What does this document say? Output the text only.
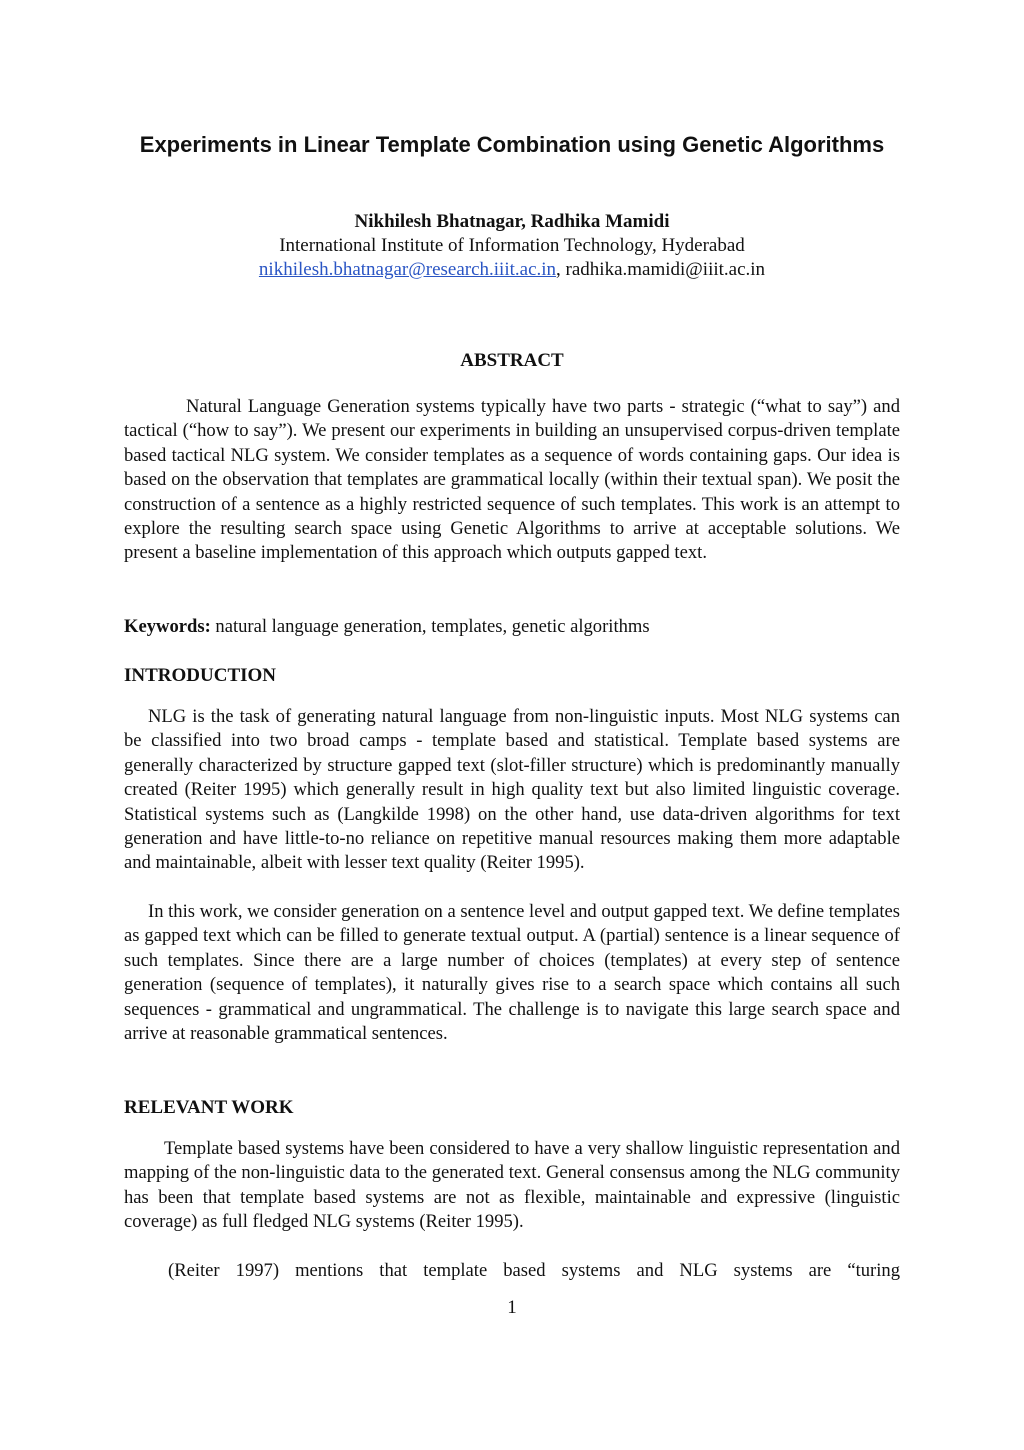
Experiments in Linear Template Combination using Genetic Algorithms
Nikhilesh Bhatnagar, Radhika Mamidi
International Institute of Information Technology, Hyderabad
nikhilesh.bhatnagar@research.iiit.ac.in, radhika.mamidi@iiit.ac.in
ABSTRACT

Natural Language Generation systems typically have two parts - strategic (“what to say”) and tactical (“how to say”). We present our experiments in building an unsupervised corpus-driven template based tactical NLG system. We consider templates as a sequence of words containing gaps. Our idea is based on the observation that templates are grammatical locally (within their textual span). We posit the construction of a sentence as a highly restricted sequence of such templates. This work is an attempt to explore the resulting search space using Genetic Algorithms to arrive at acceptable solutions. We present a baseline implementation of this approach which outputs gapped text.

Keywords: natural language generation, templates, genetic algorithms

INTRODUCTION

NLG is the task of generating natural language from non-linguistic inputs. Most NLG systems can be classified into two broad camps - template based and statistical. Template based systems are generally characterized by structure gapped text (slot-filler structure) which is predominantly manually created (Reiter 1995) which generally result in high quality text but also limited linguistic coverage. Statistical systems such as (Langkilde 1998) on the other hand, use data-driven algorithms for text generation and have little-to-no reliance on repetitive manual resources making them more adaptable and maintainable, albeit with lesser text quality (Reiter 1995).

In this work, we consider generation on a sentence level and output gapped text. We define templates as gapped text which can be filled to generate textual output. A (partial) sentence is a linear sequence of such templates. Since there are a large number of choices (templates) at every step of sentence generation (sequence of templates), it naturally gives rise to a search space which contains all such sequences - grammatical and ungrammatical. The challenge is to navigate this large search space and arrive at reasonable grammatical sentences.

RELEVANT WORK

Template based systems have been considered to have a very shallow linguistic representation and mapping of the non-linguistic data to the generated text. General consensus among the NLG community has been that template based systems are not as flexible, maintainable and expressive (linguistic coverage) as full fledged NLG systems (Reiter 1995).

(Reiter 1997) mentions that template based systems and NLG systems are “turing

1
